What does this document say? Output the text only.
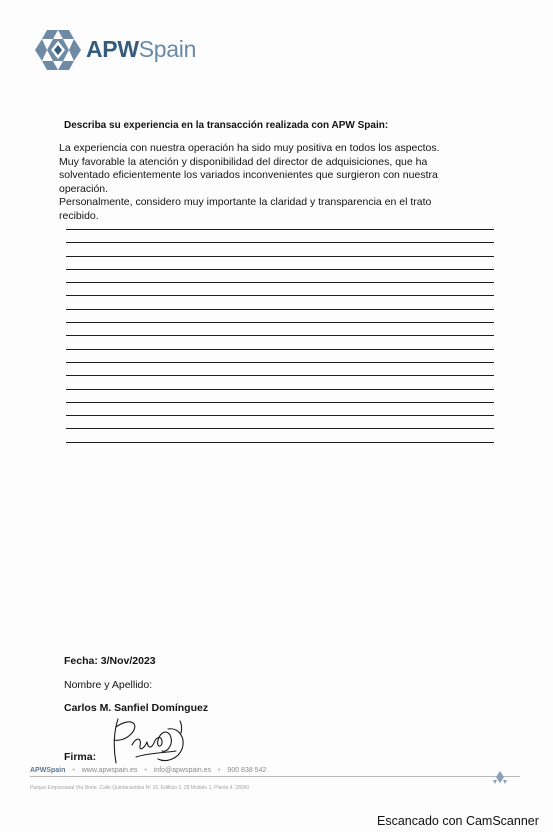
APWSpain
Describa su experiencia en la transacción realizada con APW Spain:

La experiencia con nuestra operación ha sido muy positiva en todos los aspectos.

Muy favorable la atención y disponibilidad del director de adquisiciones, que ha

solventado eficientemente los variados inconvenientes que surgieron con nuestra

operación.

Personalmente, considero muy importante la claridad y transparencia en el trato

recibido.

Fecha: 3/Nov/2023
Nombre y Apellido:
Carlos M. Sanfiel Domínguez
Firma:
APWSpain • www.apwspain.es • info@apwspain.es • 900 838 542
Parque Empresarial Vía Norte. Calle Quintanavides Nº 15. Edificio 2. 28 Modulo 1. Planta 4. 28050
Escancado con CamScanner
